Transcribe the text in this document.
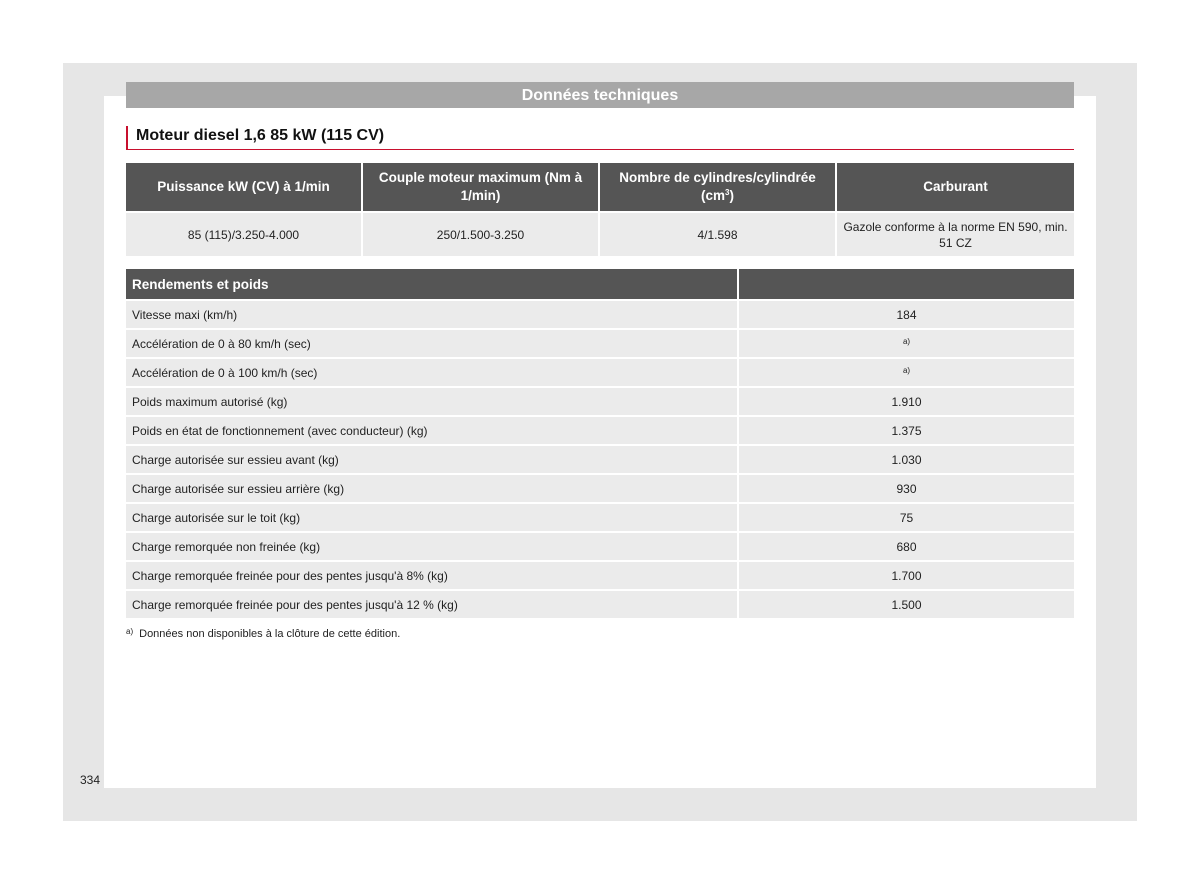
Données techniques
Moteur diesel 1,6 85 kW (115 CV)
Puissance kW (CV) à 1/min	Couple moteur maximum (Nm à 1/min)	Nombre de cylindres/cylindrée $(cm^3)$	Carburant
85 (115)/3.250-4.000	250/1.500-3.250	4/1.598	Gazole conforme à la norme EN 590, min. 51 CZ
Rendements et poids	
Vitesse maxi (km/h)	184
Accélération de 0 à 80 km/h (sec)	$^{a)}$
Accélération de 0 à 100 km/h (sec)	$^{a)}$
Poids maximum autorisé (kg)	1.910
Poids en état de fonctionnement (avec conducteur) (kg)	1.375
Charge autorisée sur essieu avant (kg)	1.030
Charge autorisée sur essieu arrière (kg)	930
Charge autorisée sur le toit (kg)	75
Charge remorquée non freinée (kg)	680
Charge remorquée freinée pour des pentes jusqu'à 8% (kg)	1.700
Charge remorquée freinée pour des pentes jusqu'à 12 % (kg)	1.500
$^{a)}$ Données non disponibles à la clôture de cette édition.
334
